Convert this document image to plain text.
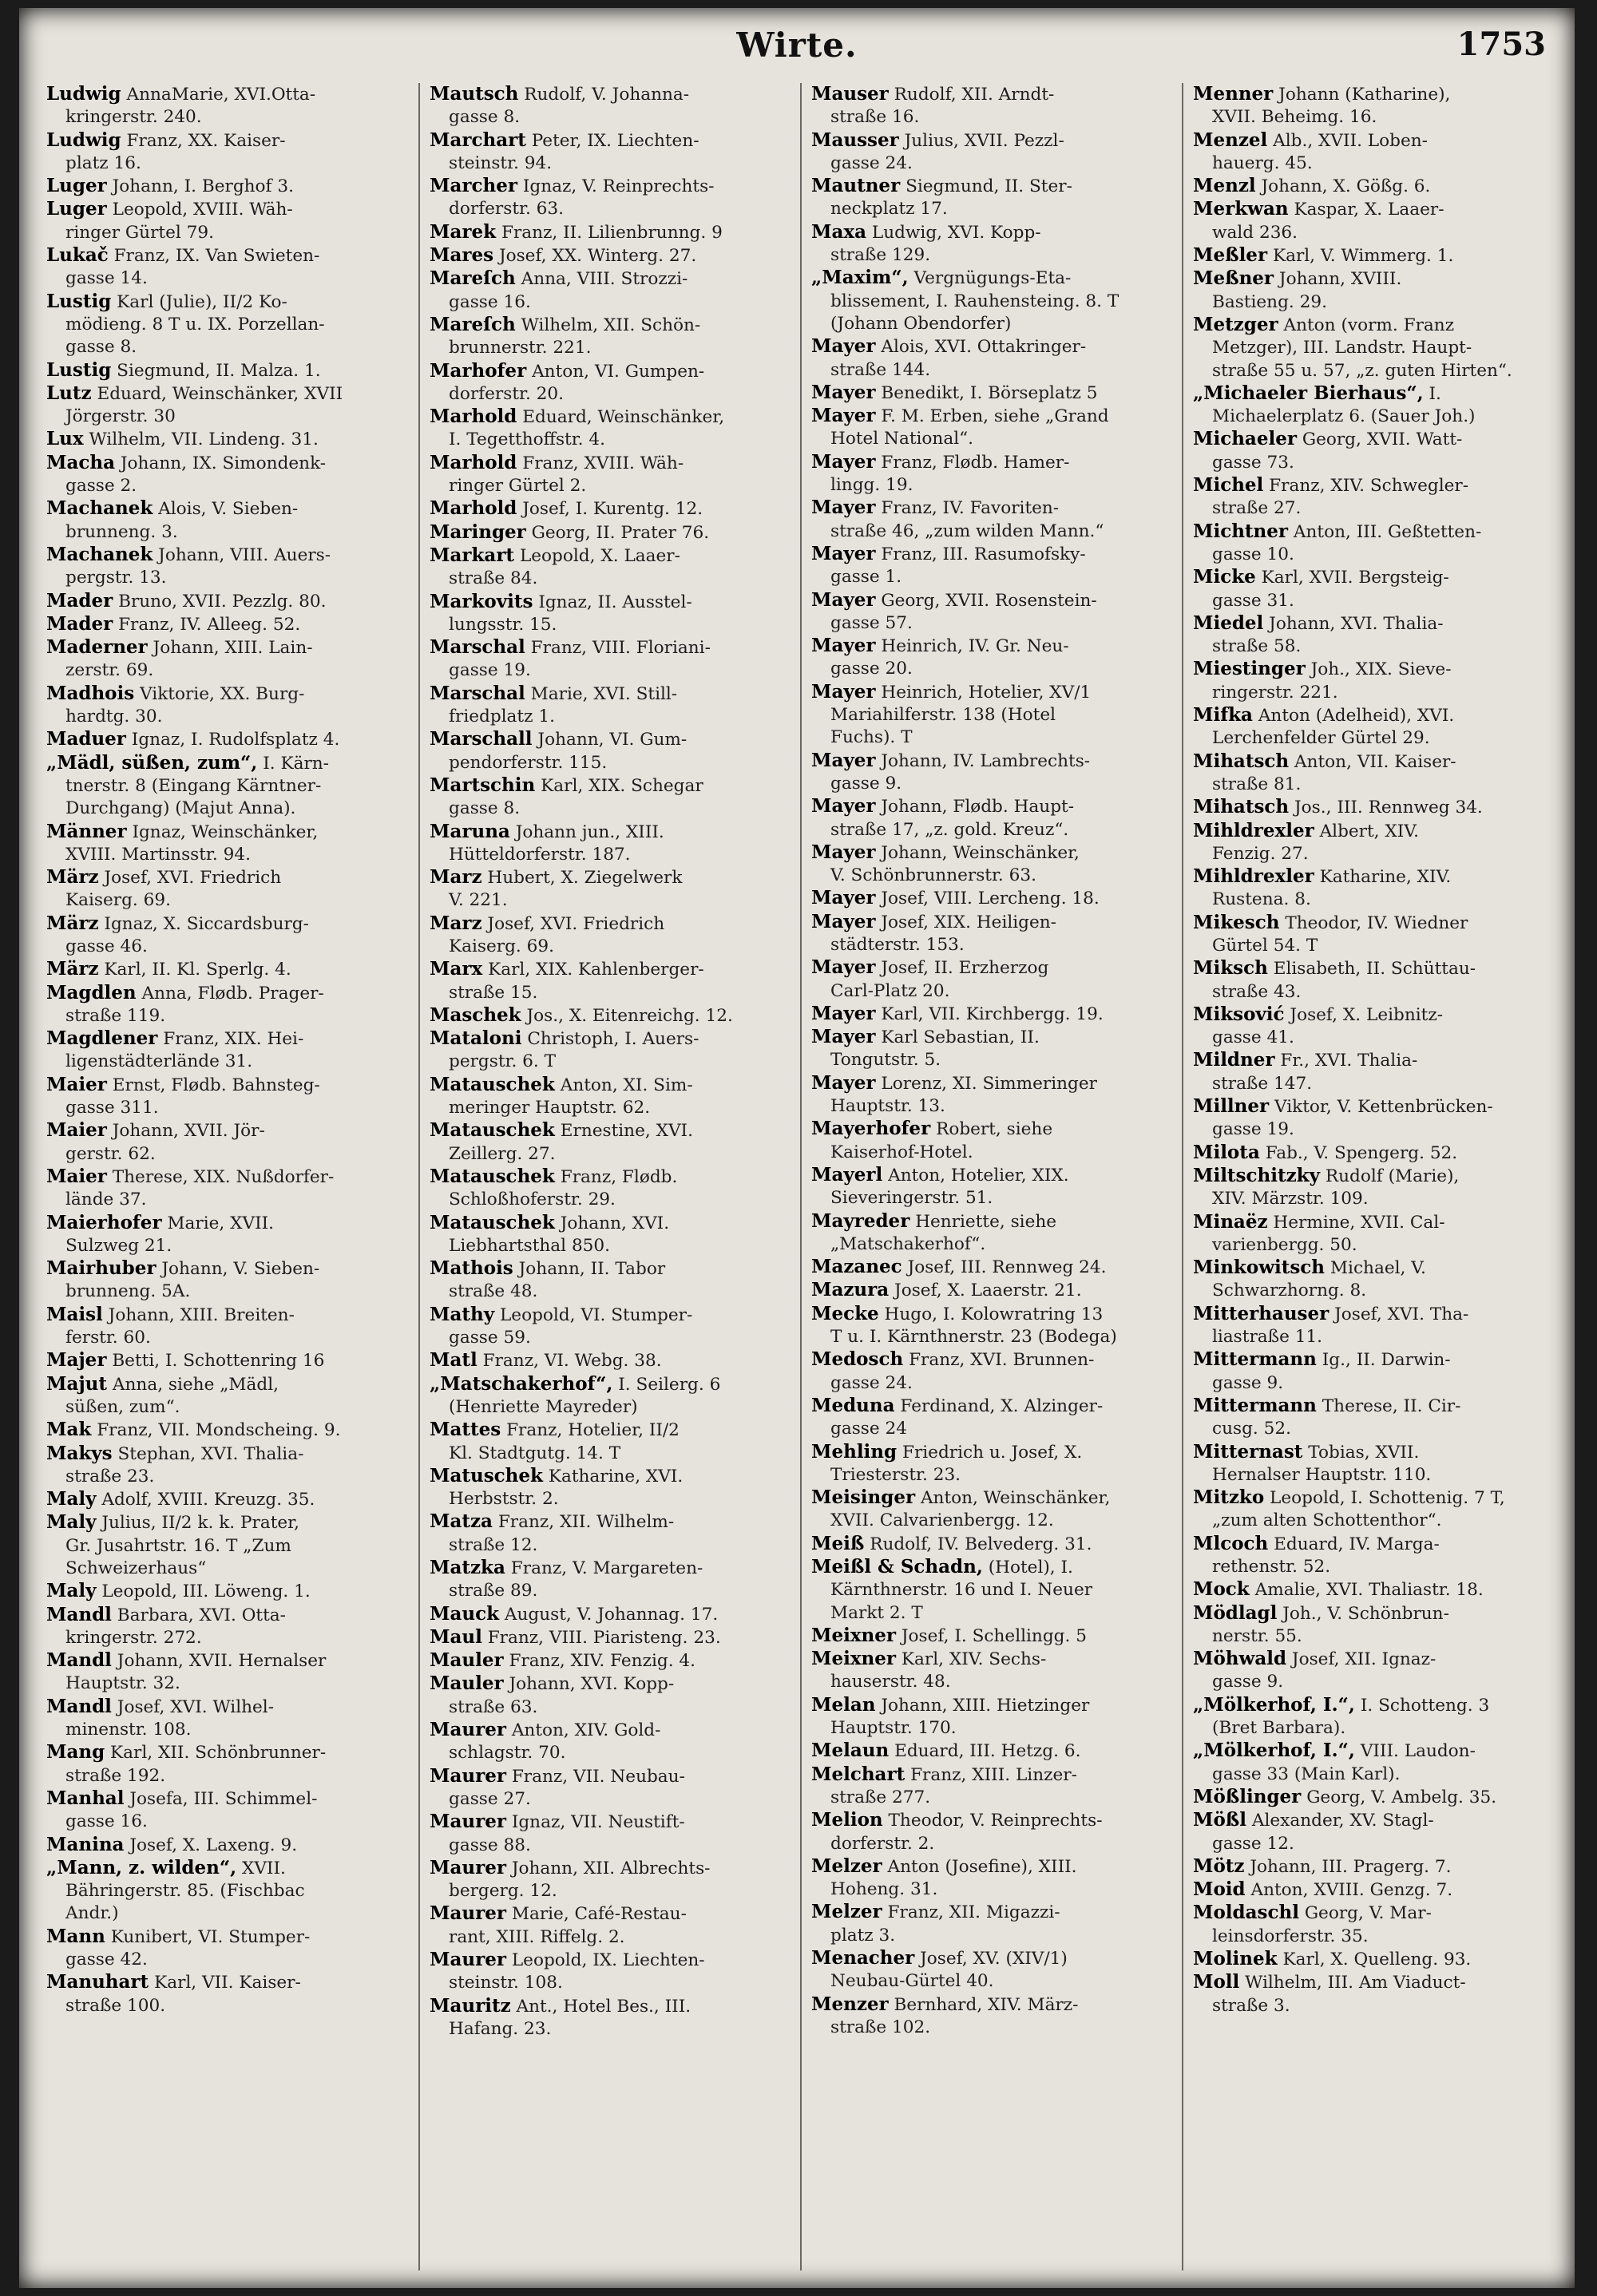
Wirte.	1753
Ludwig AnnaMarie, XVI.Otta-
kringerstr. 240.
Ludwig Franz, XX. Kaiser-
platz 16.
Luger Johann, I. Berghof 3.
Luger Leopold, XVIII. Wäh-
ringer Gürtel 79.
Lukač Franz, IX. Van Swieten-
gasse 14.
Lustig Karl (Julie), II/2 Ko-
mödieng. 8 T u. IX. Porzellan-
gasse 8.
Lustig Siegmund, II. Malza. 1.
Lutz Eduard, Weinschänker, XVII
Jörgerstr. 30
Lux Wilhelm, VII. Lindeng. 31.
Macha Johann, IX. Simondenk-
gasse 2.
Machanek Alois, V. Sieben-
brunneng. 3.
Machanek Johann, VIII. Auers-
pergstr. 13.
Mader Bruno, XVII. Pezzlg. 80.
Mader Franz, IV. Alleeg. 52.
Maderner Johann, XIII. Lain-
zerstr. 69.
Madhois Viktorie, XX. Burg-
hardtg. 30.
Maduer Ignaz, I. Rudolfsplatz 4.
„Mädl, süßen, zum“, I. Kärn-
tnerstr. 8 (Eingang Kärntner-
Durchgang) (Majut Anna).
Männer Ignaz, Weinschänker,
XVIII. Martinsstr. 94.
März Josef, XVI. Friedrich
Kaiserg. 69.
März Ignaz, X. Siccardsburg-
gasse 46.
März Karl, II. Kl. Sperlg. 4.
Magdlen Anna, Flødb. Prager-
straße 119.
Magdlener Franz, XIX. Hei-
ligenstädterlände 31.
Maier Ernst, Flødb. Bahnsteg-
gasse 311.
Maier Johann, XVII. Jör-
gerstr. 62.
Maier Therese, XIX. Nußdorfer-
lände 37.
Maierhofer Marie, XVII.
Sulzweg 21.
Mairhuber Johann, V. Sieben-
brunneng. 5A.
Maisl Johann, XIII. Breiten-
ferstr. 60.
Majer Betti, I. Schottenring 16
Majut Anna, siehe „Mädl,
süßen, zum“.
Mak Franz, VII. Mondscheing. 9.
Makys Stephan, XVI. Thalia-
straße 23.
Maly Adolf, XVIII. Kreuzg. 35.
Maly Julius, II/2 k. k. Prater,
Gr. Jusahrtstr. 16. T „Zum
Schweizerhaus“
Maly Leopold, III. Löweng. 1.
Mandl Barbara, XVI. Otta-
kringerstr. 272.
Mandl Johann, XVII. Hernalser
Hauptstr. 32.
Mandl Josef, XVI. Wilhel-
minenstr. 108.
Mang Karl, XII. Schönbrunner-
straße 192.
Manhal Josefa, III. Schimmel-
gasse 16.
Manina Josef, X. Laxeng. 9.
„Mann, z. wilden“, XVII.
Bähringerstr. 85. (Fischbac
Andr.)
Mann Kunibert, VI. Stumper-
gasse 42.
Manuhart Karl, VII. Kaiser-
straße 100.
Mautsch Rudolf, V. Johanna-
gasse 8.
Marchart Peter, IX. Liechten-
steinstr. 94.
Marcher Ignaz, V. Reinprechts-
dorferstr. 63.
Marek Franz, II. Lilienbrunng. 9
Mares Josef, XX. Winterg. 27.
Mareſch Anna, VIII. Strozzi-
gasse 16.
Mareſch Wilhelm, XII. Schön-
brunnerstr. 221.
Marhofer Anton, VI. Gumpen-
dorferstr. 20.
Marhold Eduard, Weinschänker,
I. Tegetthoffstr. 4.
Marhold Franz, XVIII. Wäh-
ringer Gürtel 2.
Marhold Josef, I. Kurentg. 12.
Maringer Georg, II. Prater 76.
Markart Leopold, X. Laaer-
straße 84.
Markovits Ignaz, II. Ausstel-
lungsstr. 15.
Marschal Franz, VIII. Floriani-
gasse 19.
Marschal Marie, XVI. Still-
friedplatz 1.
Marschall Johann, VI. Gum-
pendorferstr. 115.
Martschin Karl, XIX. Schegar
gasse 8.
Maruna Johann jun., XIII.
Hütteldorferstr. 187.
Marz Hubert, X. Ziegelwerk
V. 221.
Marz Josef, XVI. Friedrich
Kaiserg. 69.
Marx Karl, XIX. Kahlenberger-
straße 15.
Maschek Jos., X. Eitenreichg. 12.
Mataloni Christoph, I. Auers-
pergstr. 6. T
Matauschek Anton, XI. Sim-
meringer Hauptstr. 62.
Matauschek Ernestine, XVI.
Zeillerg. 27.
Matauschek Franz, Flødb.
Schloßhoferstr. 29.
Matauschek Johann, XVI.
Liebhartsthal 850.
Mathois Johann, II. Tabor
straße 48.
Mathy Leopold, VI. Stumper-
gasse 59.
Matl Franz, VI. Webg. 38.
„Matschakerhof“, I. Seilerg. 6
(Henriette Mayreder)
Mattes Franz, Hotelier, II/2
Kl. Stadtgutg. 14. T
Matuschek Katharine, XVI.
Herbststr. 2.
Matza Franz, XII. Wilhelm-
straße 12.
Matzka Franz, V. Margareten-
straße 89.
Mauck August, V. Johannag. 17.
Maul Franz, VIII. Piaristeng. 23.
Mauler Franz, XIV. Fenzig. 4.
Mauler Johann, XVI. Kopp-
straße 63.
Maurer Anton, XIV. Gold-
schlagstr. 70.
Maurer Franz, VII. Neubau-
gasse 27.
Maurer Ignaz, VII. Neustift-
gasse 88.
Maurer Johann, XII. Albrechts-
bergerg. 12.
Maurer Marie, Café-Restau-
rant, XIII. Riffelg. 2.
Maurer Leopold, IX. Liechten-
steinstr. 108.
Mauritz Ant., Hotel Bes., III.
Hafang. 23.
Mauser Rudolf, XII. Arndt-
straße 16.
Mausser Julius, XVII. Pezzl-
gasse 24.
Mautner Siegmund, II. Ster-
neckplatz 17.
Maxa Ludwig, XVI. Kopp-
straße 129.
„Maxim“, Vergnügungs-Eta-
blissement, I. Rauhensteing. 8. T
(Johann Obendorfer)
Mayer Alois, XVI. Ottakringer-
straße 144.
Mayer Benedikt, I. Börseplatz 5
Mayer F. M. Erben, siehe „Grand
Hotel National“.
Mayer Franz, Flødb. Hamer-
lingg. 19.
Mayer Franz, IV. Favoriten-
straße 46, „zum wilden Mann.“
Mayer Franz, III. Rasumofsky-
gasse 1.
Mayer Georg, XVII. Rosenstein-
gasse 57.
Mayer Heinrich, IV. Gr. Neu-
gasse 20.
Mayer Heinrich, Hotelier, XV/1
Mariahilferstr. 138 (Hotel
Fuchs). T
Mayer Johann, IV. Lambrechts-
gasse 9.
Mayer Johann, Flødb. Haupt-
straße 17, „z. gold. Kreuz“.
Mayer Johann, Weinschänker,
V. Schönbrunnerstr. 63.
Mayer Josef, VIII. Lercheng. 18.
Mayer Josef, XIX. Heiligen-
städterstr. 153.
Mayer Josef, II. Erzherzog
Carl-Platz 20.
Mayer Karl, VII. Kirchbergg. 19.
Mayer Karl Sebastian, II.
Tongutstr. 5.
Mayer Lorenz, XI. Simmeringer
Hauptstr. 13.
Mayerhofer Robert, siehe
Kaiserhof-Hotel.
Mayerl Anton, Hotelier, XIX.
Sieveringerstr. 51.
Mayreder Henriette, siehe
„Matschakerhof“.
Mazanec Josef, III. Rennweg 24.
Mazura Josef, X. Laaerstr. 21.
Mecke Hugo, I. Kolowratring 13
T u. I. Kärnthnerstr. 23 (Bodega)
Medosch Franz, XVI. Brunnen-
gasse 24.
Meduna Ferdinand, X. Alzinger-
gasse 24
Mehling Friedrich u. Josef, X.
Triesterstr. 23.
Meisinger Anton, Weinschänker,
XVII. Calvarienbergg. 12.
Meiß Rudolf, IV. Belvederg. 31.
Meißl & Schadn, (Hotel), I.
Kärnthnerstr. 16 und I. Neuer
Markt 2. T
Meixner Josef, I. Schellingg. 5
Meixner Karl, XIV. Sechs-
hauserstr. 48.
Melan Johann, XIII. Hietzinger
Hauptstr. 170.
Melaun Eduard, III. Hetzg. 6.
Melchart Franz, XIII. Linzer-
straße 277.
Melion Theodor, V. Reinprechts-
dorferstr. 2.
Melzer Anton (Josefine), XIII.
Hoheng. 31.
Melzer Franz, XII. Migazzi-
platz 3.
Menacher Josef, XV. (XIV/1)
Neubau-Gürtel 40.
Menzer Bernhard, XIV. März-
straße 102.
Menner Johann (Katharine),
XVII. Beheimg. 16.
Menzel Alb., XVII. Loben-
hauerg. 45.
Menzl Johann, X. Gößg. 6.
Merkwan Kaspar, X. Laaer-
wald 236.
Meßler Karl, V. Wimmerg. 1.
Meßner Johann, XVIII.
Bastieng. 29.
Metzger Anton (vorm. Franz
Metzger), III. Landstr. Haupt-
straße 55 u. 57, „z. guten Hirten“.
„Michaeler Bierhaus“, I.
Michaelerplatz 6. (Sauer Joh.)
Michaeler Georg, XVII. Watt-
gasse 73.
Michel Franz, XIV. Schwegler-
straße 27.
Michtner Anton, III. Geßtetten-
gasse 10.
Micke Karl, XVII. Bergsteig-
gasse 31.
Miedel Johann, XVI. Thalia-
straße 58.
Miestinger Joh., XIX. Sieve-
ringerstr. 221.
Mifka Anton (Adelheid), XVI.
Lerchenfelder Gürtel 29.
Mihatsch Anton, VII. Kaiser-
straße 81.
Mihatsch Jos., III. Rennweg 34.
Mihldrexler Albert, XIV.
Fenzig. 27.
Mihldrexler Katharine, XIV.
Rustena. 8.
Mikesch Theodor, IV. Wiedner
Gürtel 54. T
Miksch Elisabeth, II. Schüttau-
straße 43.
Miksović Josef, X. Leibnitz-
gasse 41.
Mildner Fr., XVI. Thalia-
straße 147.
Millner Viktor, V. Kettenbrücken-
gasse 19.
Milota Fab., V. Spengerg. 52.
Miltschitzky Rudolf (Marie),
XIV. Märzstr. 109.
Minaëz Hermine, XVII. Cal-
varienbergg. 50.
Minkowitsch Michael, V.
Schwarzhorng. 8.
Mitterhauser Josef, XVI. Tha-
liastraße 11.
Mittermann Ig., II. Darwin-
gasse 9.
Mittermann Therese, II. Cir-
cusg. 52.
Mitternast Tobias, XVII.
Hernalser Hauptstr. 110.
Mitzko Leopold, I. Schottenig. 7 T,
„zum alten Schottenthor“.
Mlcoch Eduard, IV. Marga-
rethenstr. 52.
Mock Amalie, XVI. Thaliastr. 18.
Mödlagl Joh., V. Schönbrun-
nerstr. 55.
Möhwald Josef, XII. Ignaz-
gasse 9.
„Mölkerhof, I.“, I. Schotteng. 3
(Bret Barbara).
„Mölkerhof, I.“, VIII. Laudon-
gasse 33 (Main Karl).
Mößlinger Georg, V. Ambelg. 35.
Mößl Alexander, XV. Stagl-
gasse 12.
Mötz Johann, III. Pragerg. 7.
Moid Anton, XVIII. Genzg. 7.
Moldaschl Georg, V. Mar-
leinsdorferstr. 35.
Molinek Karl, X. Quelleng. 93.
Moll Wilhelm, III. Am Viaduct-
straße 3.
